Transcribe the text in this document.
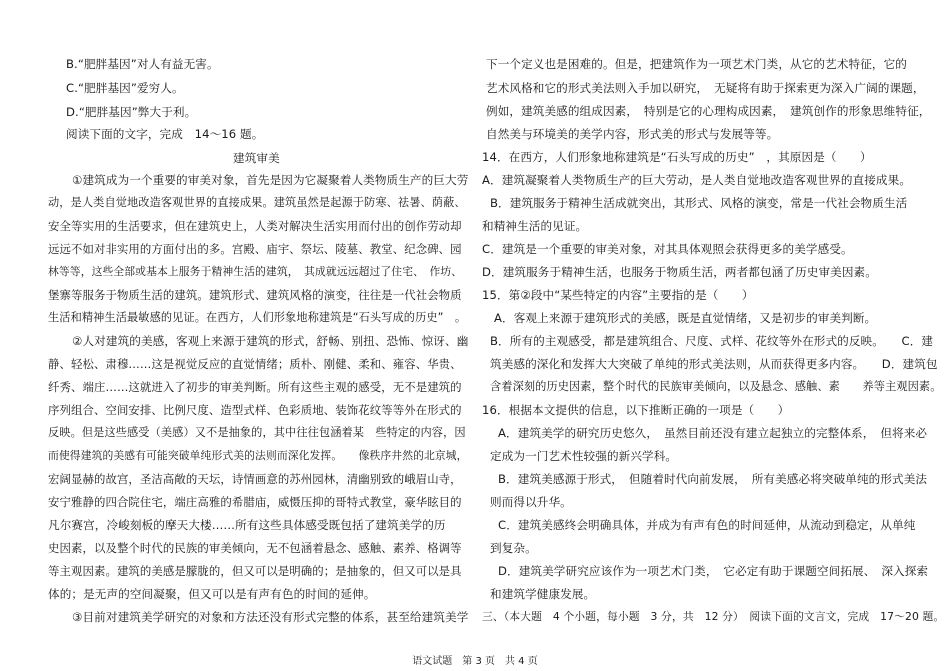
B.“肥胖基因”对人有益无害。
C.“肥胖基因”爱穷人。
D.“肥胖基因”弊大于利。
阅读下面的文字，完成　14～16 题。
建筑审美
①建筑成为一个重要的审美对象，首先是因为它凝聚着人类物质生产的巨大劳
动，是人类自觉地改造客观世界的直接成果。建筑虽然是起源于防寒、祛暑、荫蔽、
安全等实用的生活要求，但在建筑史上，人类对解决生活实用而付出的创作劳动却
远远不如对非实用的方面付出的多。宫殿、庙宇、祭坛、陵墓、教堂、纪念碑、园
林等等，这些全部或基本上服务于精神生活的建筑，　其成就远远超过了住宅、　作坊、
堡寨等服务于物质生活的建筑。建筑形式、建筑风格的演变，往往是一代社会物质
生活和精神生活最敏感的见证。在西方，人们形象地称建筑是“石头写成的历史”　。
②人对建筑的美感，客观上来源于建筑的形式，舒畅、别扭、恐怖、惊讶、幽
静、轻松、肃穆……这是视觉反应的直觉情绪；质朴、刚健、柔和、雍容、华贵、
纤秀、端庄……这就进入了初步的审美判断。所有这些主观的感受，无不是建筑的
序列组合、空间安排、比例尺度、造型式样、色彩质地、装饰花纹等等外在形式的
反映。但是这些感受（美感）又不是抽象的，其中往往包涵着某　些特定的内容，因
而使得建筑的美感有可能突破单纯形式美的法则而深化发挥。　　像秩序井然的北京城，
宏阔显赫的故宫，圣洁高敞的天坛，诗情画意的苏州园林，清幽别致的峨眉山寺，
安宁雅静的四合院住宅，端庄高雅的希腊庙，威慑压抑的哥特式教堂，豪华眩目的
凡尔赛宫，冷峻刻板的摩天大楼……所有这些具体感受既包括了建筑美学的历
史因素，以及整个时代的民族的审美倾向，无不包涵着悬念、感触、素养、格调等
等主观因素。建筑的美感是朦胧的，但又可以是明确的；是抽象的，但又可以是具
体的；是无声的空间凝聚，但又可以是有声有色的时间的延伸。
③目前对建筑美学研究的对象和方法还没有形式完整的体系，甚至给建筑美学
下一个定义也是困难的。但是，把建筑作为一项艺术门类，从它的艺术特征，它的
艺术风格和它的形式美法则入手加以研究，　无疑将有助于探索更为深入广阔的课题，
例如，建筑美感的组成因素，　特别是它的心理构成因素，　建筑创作的形象思维特征，
自然美与环境美的美学内容，形式美的形式与发展等等。
14．在西方，人们形象地称建筑是“石头写成的历史”　，其原因是（　　）
A．建筑凝聚着人类物质生产的巨大劳动，是人类自觉地改造客观世界的直接成果。
B．建筑服务于精神生活成就突出，其形式、风格的演变，常是一代社会物质生活
和精神生活的见证。
C．建筑是一个重要的审美对象，对其具体观照会获得更多的美学感受。
D．建筑服务于精神生活，也服务于物质生活，两者都包涵了历史审美因素。
15．第②段中“某些特定的内容”主要指的是（　　）
A．客观上来源于建筑形式的美感，既是直觉情绪，又是初步的审美判断。
B．所有的主观感受，都是建筑组合、尺度、式样、花纹等外在形式的反映。　　C．建
筑美感的深化和发挥大大突破了单纯的形式美法则，从而获得更多内容。　　D．建筑包
含着深刻的历史因素，整个时代的民族审美倾向，以及悬念、感触、素　　养等主观因素。
16．根据本文提供的信息，以下推断正确的一项是（　　）
A．建筑美学的研究历史悠久，　虽然目前还没有建立起独立的完整体系，　但将来必
定成为一门艺术性较强的新兴学科。
B．建筑美感源于形式，　但随着时代向前发展，　所有美感必将突破单纯的形式美法
则而得以升华。
C．建筑美感终会明确具体，并成为有声有色的时间延伸，从流动到稳定，从单纯
到复杂。
D．建筑美学研究应该作为一项艺术门类，　它必定有助于课题空间拓展、　深入探索
和建筑学健康发展。
三、（本大题　4 个小题，每小题　3 分，共　12 分）　阅读下面的文言文，完成　17～20 题。
语文试题　第 3 页　共 4 页
